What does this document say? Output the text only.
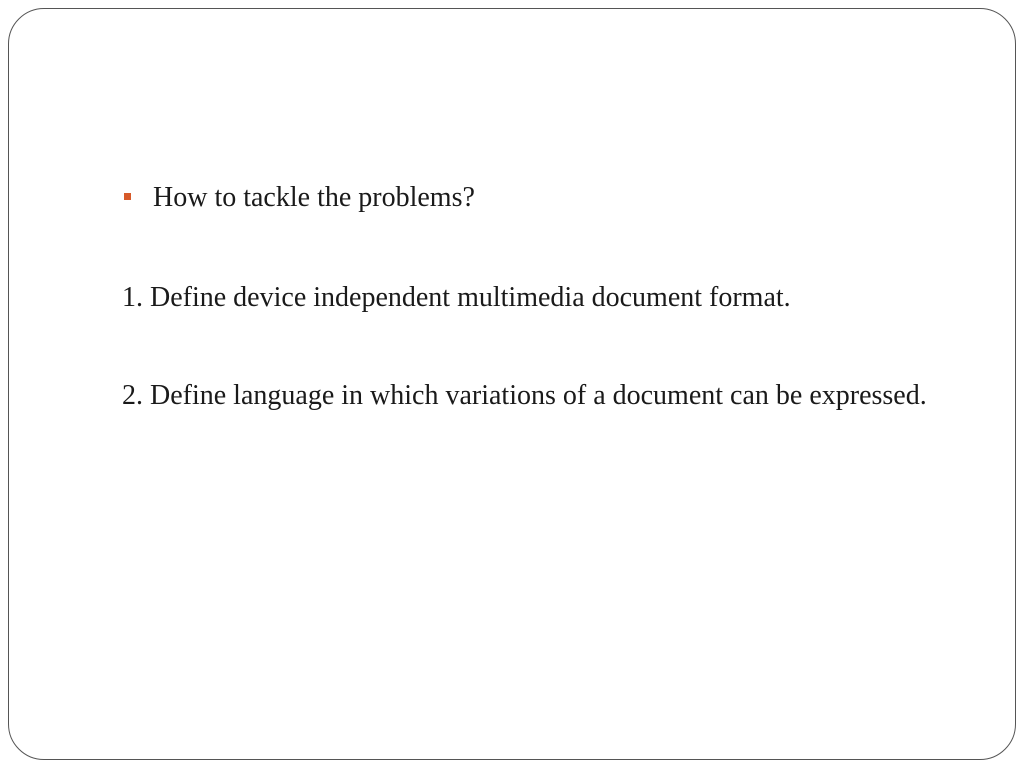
How to tackle the problems?

1. Define device independent multimedia document format.

2. Define language in which variations of a document can be expressed.
